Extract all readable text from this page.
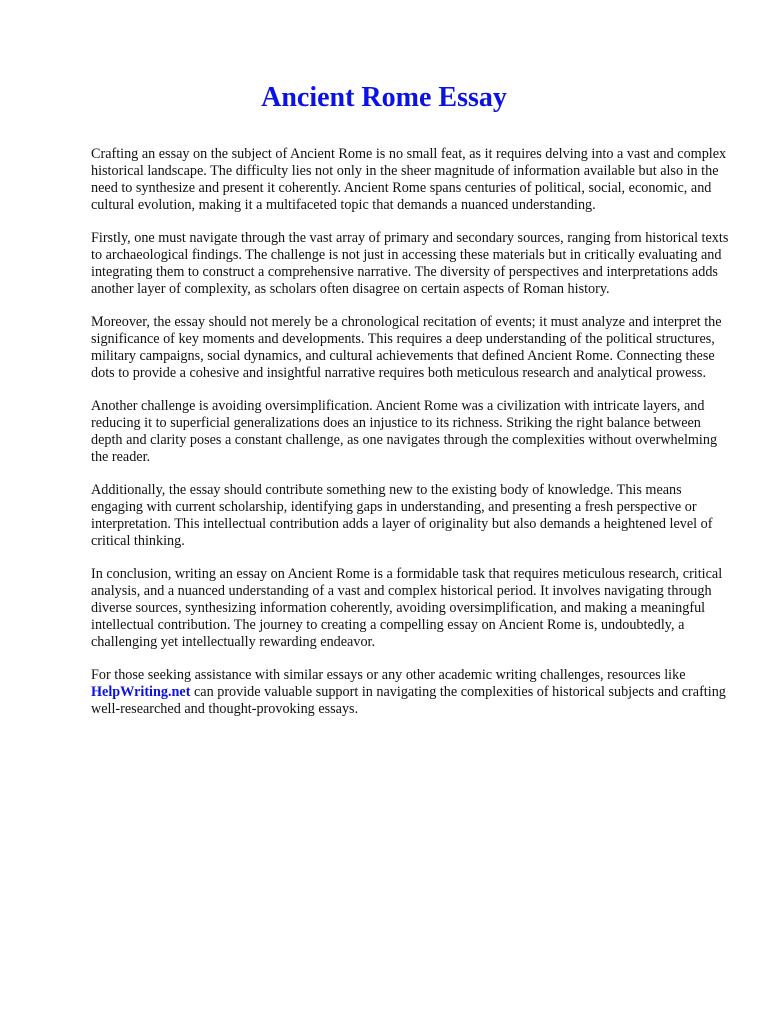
Ancient Rome Essay

Crafting an essay on the subject of Ancient Rome is no small feat, as it requires delving into a vast and complex historical landscape. The difficulty lies not only in the sheer magnitude of information available but also in the need to synthesize and present it coherently. Ancient Rome spans centuries of political, social, economic, and cultural evolution, making it a multifaceted topic that demands a nuanced understanding.

Firstly, one must navigate through the vast array of primary and secondary sources, ranging from historical texts to archaeological findings. The challenge is not just in accessing these materials but in critically evaluating and integrating them to construct a comprehensive narrative. The diversity of perspectives and interpretations adds another layer of complexity, as scholars often disagree on certain aspects of Roman history.

Moreover, the essay should not merely be a chronological recitation of events; it must analyze and interpret the significance of key moments and developments. This requires a deep understanding of the political structures, military campaigns, social dynamics, and cultural achievements that defined Ancient Rome. Connecting these dots to provide a cohesive and insightful narrative requires both meticulous research and analytical prowess.

Another challenge is avoiding oversimplification. Ancient Rome was a civilization with intricate layers, and reducing it to superficial generalizations does an injustice to its richness. Striking the right balance between depth and clarity poses a constant challenge, as one navigates through the complexities without overwhelming the reader.

Additionally, the essay should contribute something new to the existing body of knowledge. This means engaging with current scholarship, identifying gaps in understanding, and presenting a fresh perspective or interpretation. This intellectual contribution adds a layer of originality but also demands a heightened level of critical thinking.

In conclusion, writing an essay on Ancient Rome is a formidable task that requires meticulous research, critical analysis, and a nuanced understanding of a vast and complex historical period. It involves navigating through diverse sources, synthesizing information coherently, avoiding oversimplification, and making a meaningful intellectual contribution. The journey to creating a compelling essay on Ancient Rome is, undoubtedly, a challenging yet intellectually rewarding endeavor.

For those seeking assistance with similar essays or any other academic writing challenges, resources like HelpWriting.net can provide valuable support in navigating the complexities of historical subjects and crafting well-researched and thought-provoking essays.
